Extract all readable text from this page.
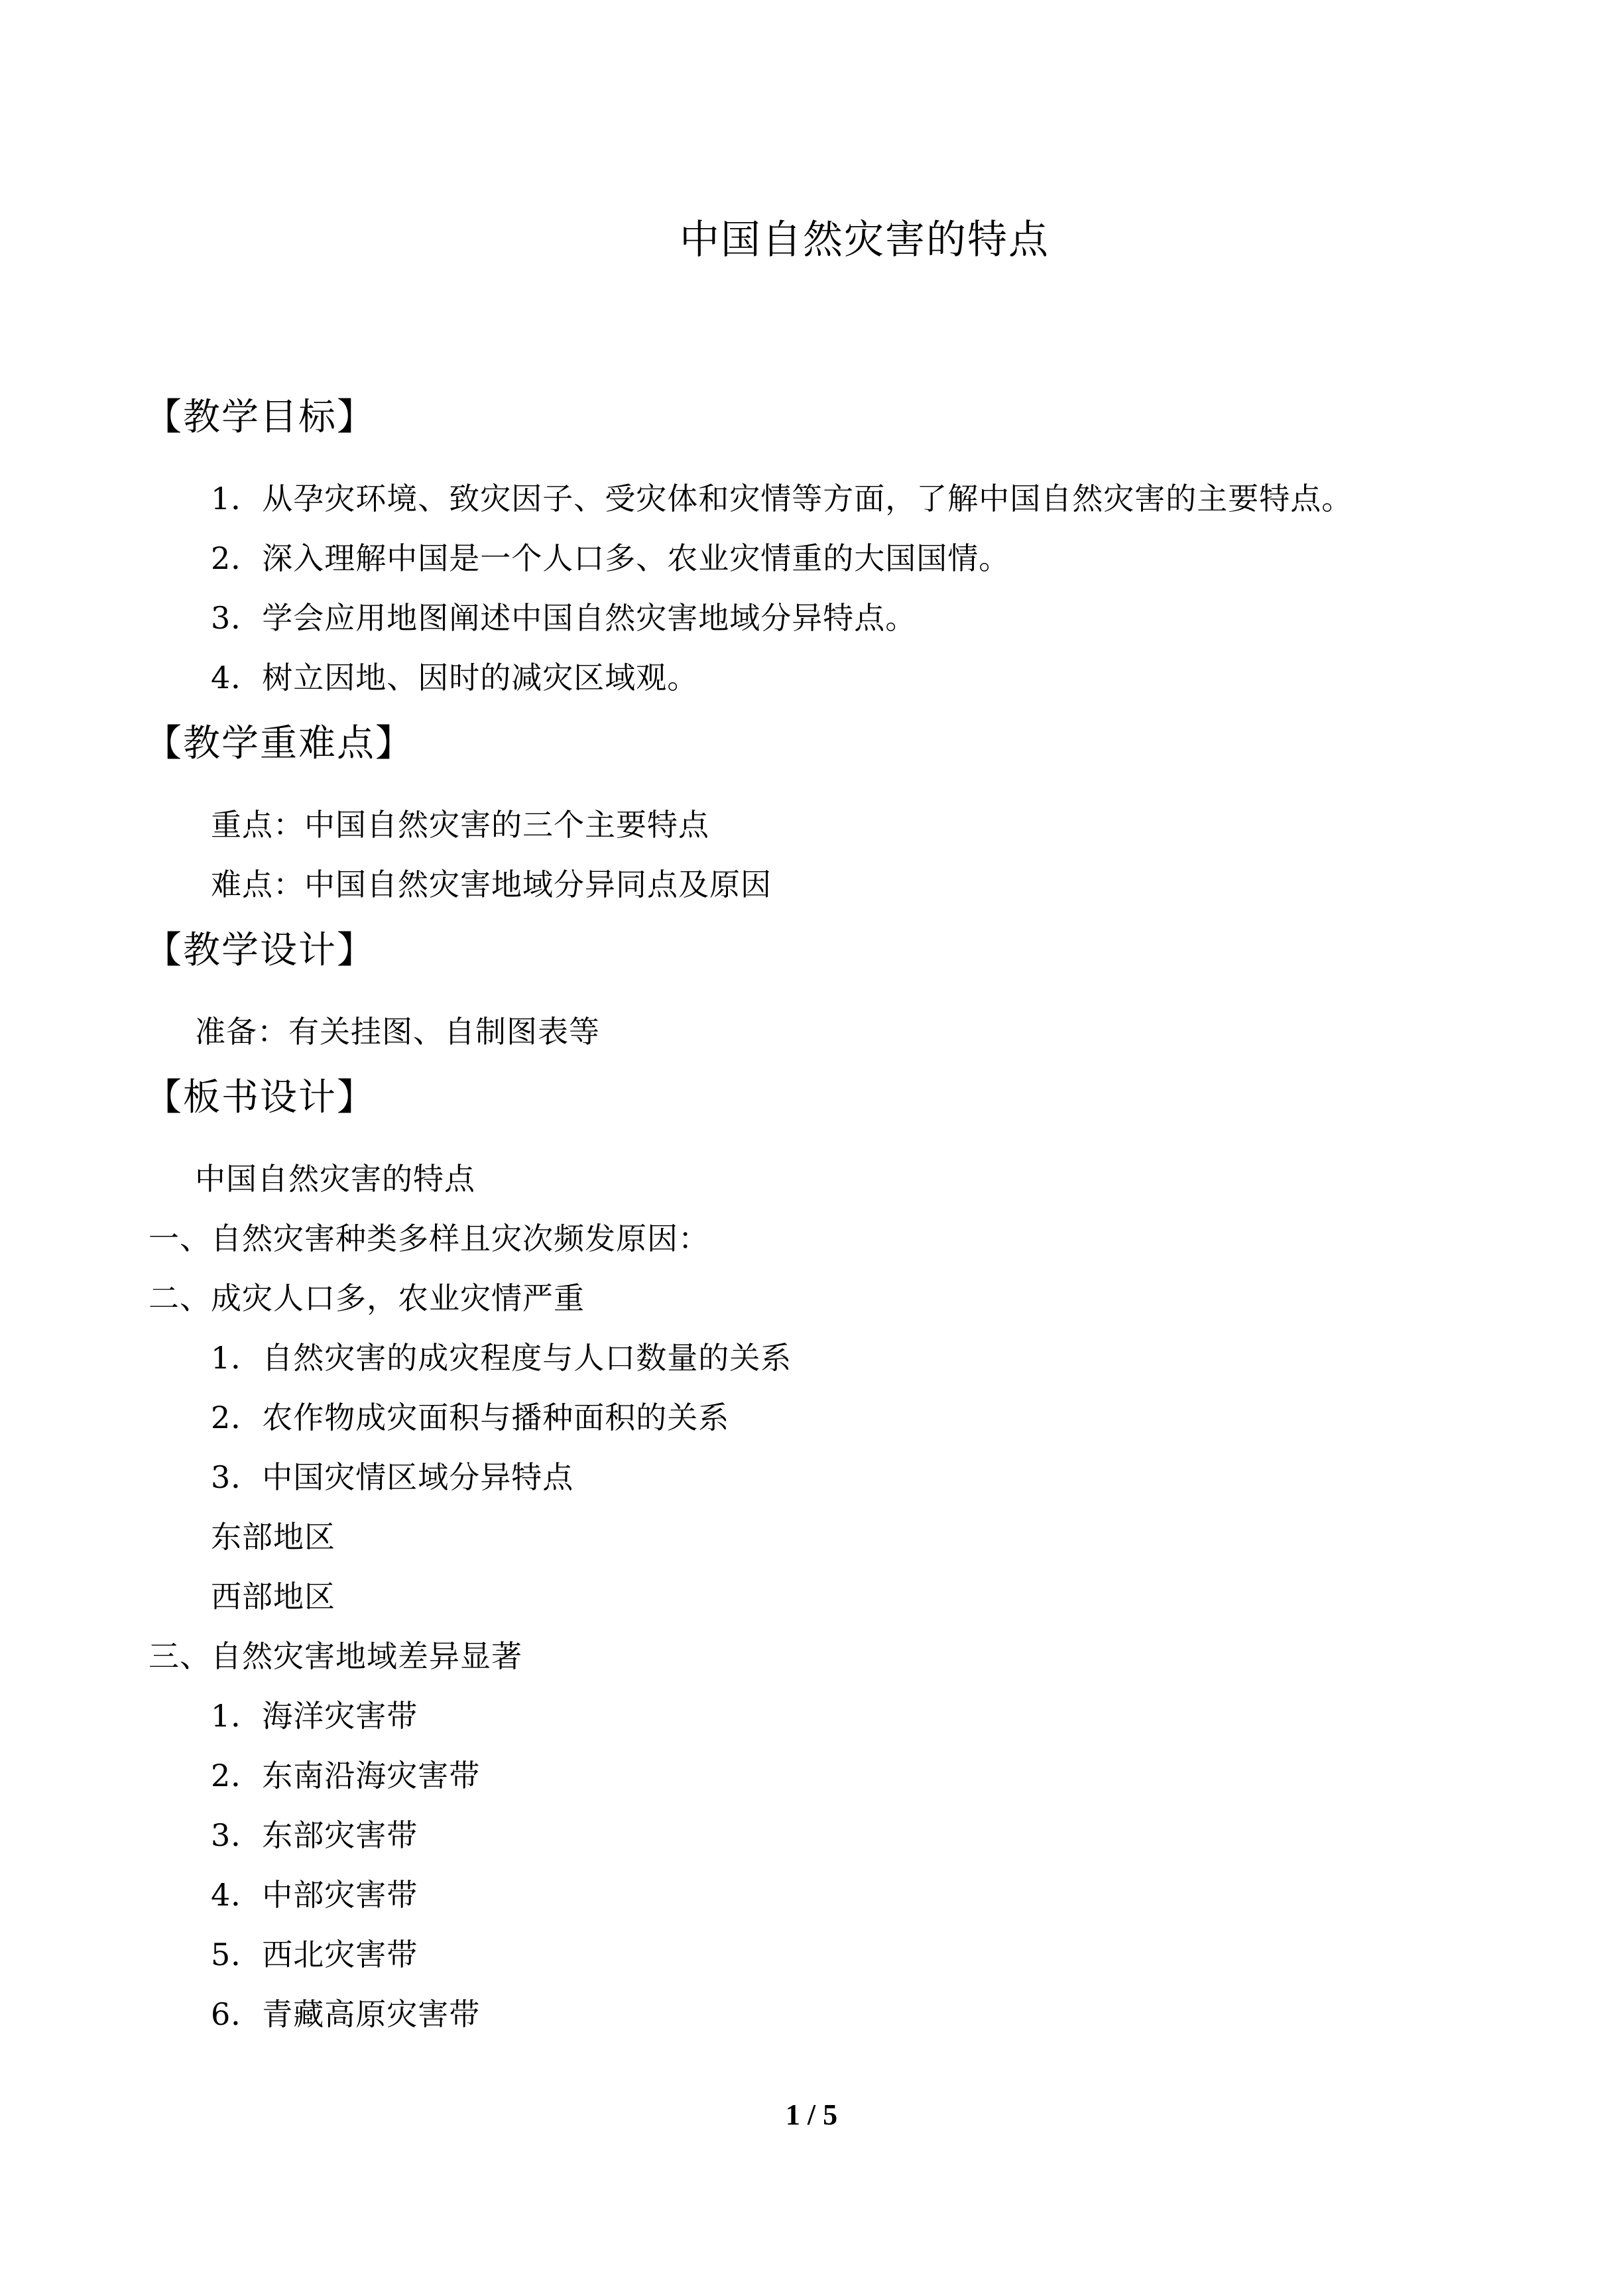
中国自然灾害的特点
【教学目标】
1．从孕灾环境、致灾因子、受灾体和灾情等方面，了解中国自然灾害的主要特点。
2．深入理解中国是一个人口多、农业灾情重的大国国情。
3．学会应用地图阐述中国自然灾害地域分异特点。
4．树立因地、因时的减灾区域观。
【教学重难点】
重点：中国自然灾害的三个主要特点
难点：中国自然灾害地域分异同点及原因
【教学设计】
准备：有关挂图、自制图表等
【板书设计】
中国自然灾害的特点
一、自然灾害种类多样且灾次频发原因：
二、成灾人口多，农业灾情严重
1．自然灾害的成灾程度与人口数量的关系
2．农作物成灾面积与播种面积的关系
3．中国灾情区域分异特点
东部地区
西部地区
三、自然灾害地域差异显著
1．海洋灾害带
2．东南沿海灾害带
3．东部灾害带
4．中部灾害带
5．西北灾害带
6．青藏高原灾害带
1 / 5
